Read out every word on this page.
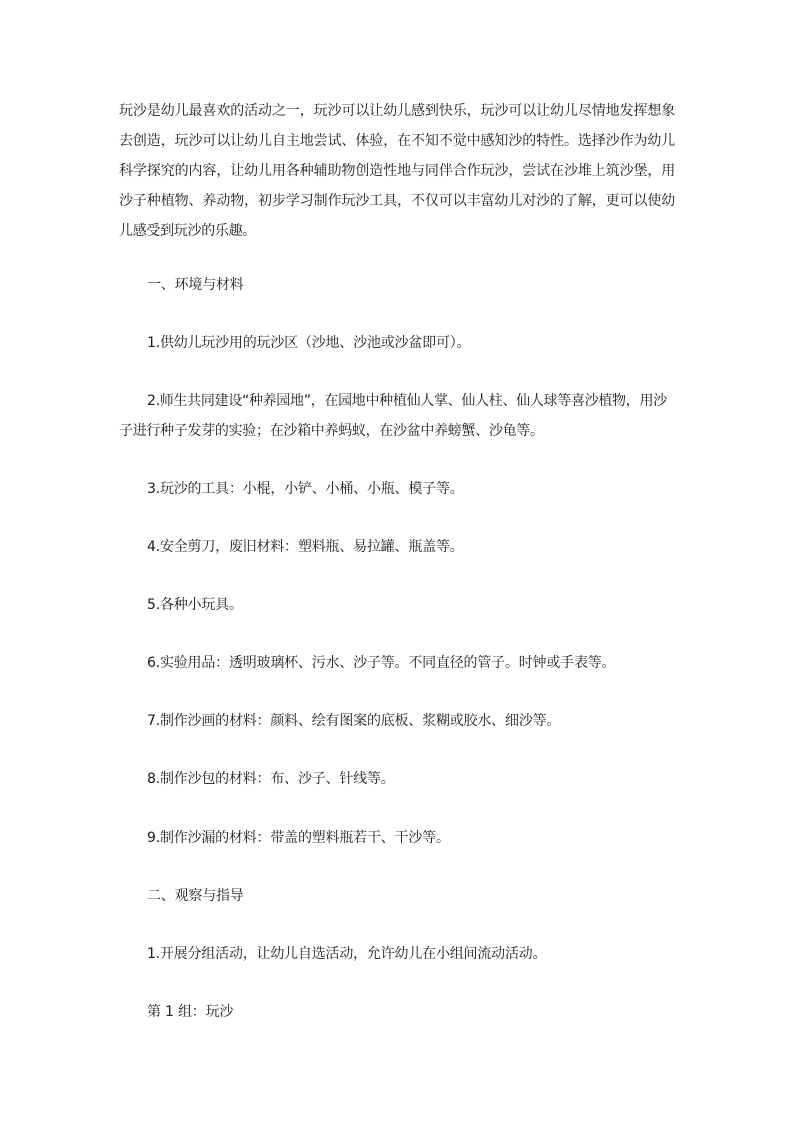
玩沙是幼儿最喜欢的活动之一，玩沙可以让幼儿感到快乐，玩沙可以让幼儿尽情地发挥想象去创造，玩沙可以让幼儿自主地尝试、体验，在不知不觉中感知沙的特性。选择沙作为幼儿科学探究的内容，让幼儿用各种辅助物创造性地与同伴合作玩沙，尝试在沙堆上筑沙堡，用沙子种植物、养动物，初步学习制作玩沙工具，不仅可以丰富幼儿对沙的了解，更可以使幼儿感受到玩沙的乐趣。

一、环境与材料

1.供幼儿玩沙用的玩沙区（沙地、沙池或沙盆即可）。

2.师生共同建设“种养园地”，在园地中种植仙人掌、仙人柱、仙人球等喜沙植物，用沙子进行种子发芽的实验；在沙箱中养蚂蚁，在沙盆中养螃蟹、沙龟等。

3.玩沙的工具：小棍，小铲、小桶、小瓶、模子等。

4.安全剪刀，废旧材料：塑料瓶、易拉罐、瓶盖等。

5.各种小玩具。

6.实验用品：透明玻璃杯、污水、沙子等。不同直径的管子。时钟或手表等。

7.制作沙画的材料：颜料、绘有图案的底板、浆糊或胶水、细沙等。

8.制作沙包的材料：布、沙子、针线等。

9.制作沙漏的材料：带盖的塑料瓶若干、干沙等。

二、观察与指导

1.开展分组活动，让幼儿自选活动，允许幼儿在小组间流动活动。

第 1 组：玩沙
